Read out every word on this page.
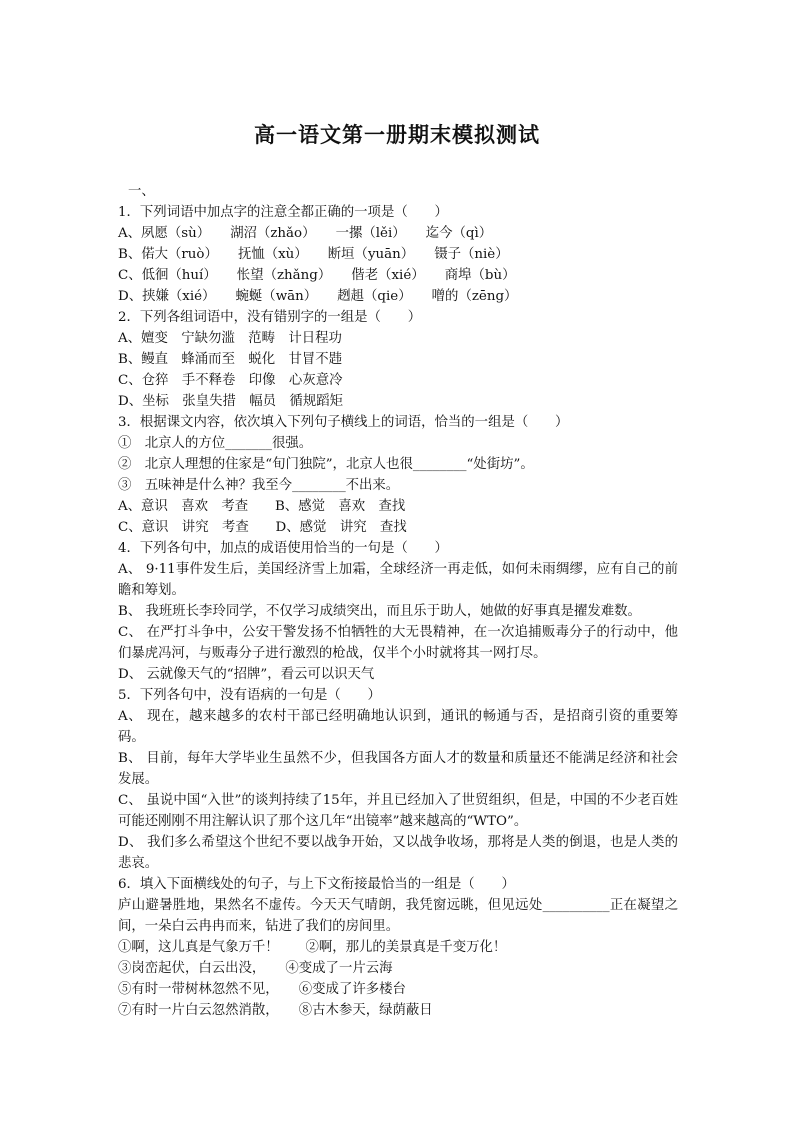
高一语文第一册期末模拟测试
一、
1．下列词语中加点字的注意全都正确的一项是（　　）
A、夙愿（sù）　　湖沼（zhǎo）　　一摞（lěi）　　迄今（qì）
B、偌大（ruò）　　抚恤（xù）　　断垣（yuān）　　镊子（niè）
C、低徊（huí）　　怅望（zhǎng）　　偕老（xié）　　商埠（bù）
D、挟嫌（xié）　　蜿蜒（wān）　　趔趄（qie）　　噌的（zēng）
2．下列各组词语中，没有错别字的一组是（　　）
A、嬗变　宁缺勿滥　范畴　计日程功
B、鳗直　蜂涌而至　蜕化　甘冒不韪
C、仓猝　手不释卷　印像　心灰意冷
D、坐标　张皇失措　幅员　循规蹈矩
3．根据课文内容，依次填入下列句子横线上的词语，恰当的一组是（　　）
①　北京人的方位_______很强。
②　北京人理想的住家是“旬门独院”，北京人也很________“处街坊”。
③　五味神是什么神？我至今________不出来。
A、意识　喜欢　考查　　B、感觉　喜欢　查找
C、意识　讲究　考查　　D、感觉　讲究　查找
4．下列各句中，加点的成语使用恰当的一句是（　　）
A、 9·11事件发生后，美国经济雪上加霜，全球经济一再走低，如何未雨绸缪，应有自己的前瞻和筹划。
B、 我班班长李玲同学，不仅学习成绩突出，而且乐于助人，她做的好事真是擢发难数。
C、 在严打斗争中，公安干警发扬不怕牺牲的大无畏精神，在一次追捕贩毒分子的行动中，他们暴虎冯河，与贩毒分子进行激烈的枪战，仅半个小时就将其一网打尽。
D、 云就像天气的“招牌”，看云可以识天气
5．下列各句中，没有语病的一句是（　　）
A、 现在，越来越多的农村干部已经明确地认识到，通讯的畅通与否，是招商引资的重要筹码。
B、 目前，每年大学毕业生虽然不少，但我国各方面人才的数量和质量还不能满足经济和社会发展。
C、 虽说中国“入世”的谈判持续了15年，并且已经加入了世贸组织，但是，中国的不少老百姓可能还刚刚不用注解认识了那个这几年“出镜率”越来越高的“WTO”。
D、 我们多么希望这个世纪不要以战争开始，又以战争收场，那将是人类的倒退，也是人类的悲哀。
6．填入下面横线处的句子，与上下文衔接最恰当的一组是（　　）
庐山避暑胜地，果然名不虚传。今天天气晴朗，我凭窗远眺，但见远处__________正在凝望之间，一朵白云冉冉而来，钻进了我们的房间里。
①啊，这儿真是气象万千！　　②啊，那儿的美景真是千变万化！
③岗峦起伏，白云出没，　　④变成了一片云海
⑤有时一带树林忽然不见，　　⑥变成了许多楼台
⑦有时一片白云忽然消散，　　⑧古木参天，绿荫蔽日
